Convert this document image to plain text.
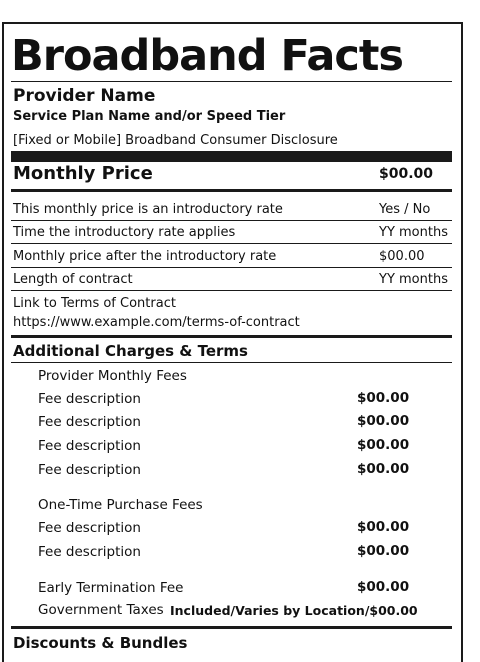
Broadband Facts
Provider Name
Service Plan Name and/or Speed Tier
[Fixed or Mobile] Broadband Consumer Disclosure
Monthly Price	$00.00
This monthly price is an introductory rate	Yes / No
Time the introductory rate applies	YY months
Monthly price after the introductory rate	$00.00
Length of contract	YY months
Link to Terms of Contract
https://www.example.com/terms-of-contract
Additional Charges & Terms
Provider Monthly Fees
Fee description	$00.00
Fee description	$00.00
Fee description	$00.00
Fee description	$00.00
One-Time Purchase Fees
Fee description	$00.00
Fee description	$00.00
Early Termination Fee	$00.00
Government Taxes Included/Varies by Location/$00.00
Discounts & Bundles
